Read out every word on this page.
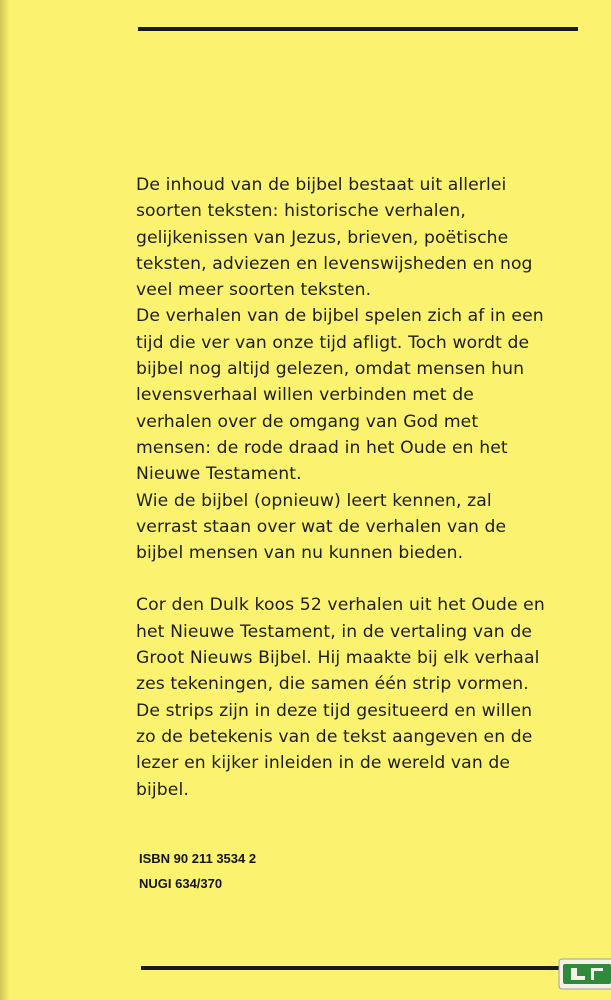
De inhoud van de bijbel bestaat uit allerlei
soorten teksten: historische verhalen,
gelijkenissen van Jezus, brieven, poëtische
teksten, adviezen en levenswijsheden en nog
veel meer soorten teksten.
De verhalen van de bijbel spelen zich af in een
tijd die ver van onze tijd afligt. Toch wordt de
bijbel nog altijd gelezen, omdat mensen hun
levensverhaal willen verbinden met de
verhalen over de omgang van God met
mensen: de rode draad in het Oude en het
Nieuwe Testament.
Wie de bijbel (opnieuw) leert kennen, zal
verrast staan over wat de verhalen van de
bijbel mensen van nu kunnen bieden.
Cor den Dulk koos 52 verhalen uit het Oude en
het Nieuwe Testament, in de vertaling van de
Groot Nieuws Bijbel. Hij maakte bij elk verhaal
zes tekeningen, die samen één strip vormen.
De strips zijn in deze tijd gesitueerd en willen
zo de betekenis van de tekst aangeven en de
lezer en kijker inleiden in de wereld van de
bijbel.
ISBN 90 211 3534 2
NUGI 634/370
